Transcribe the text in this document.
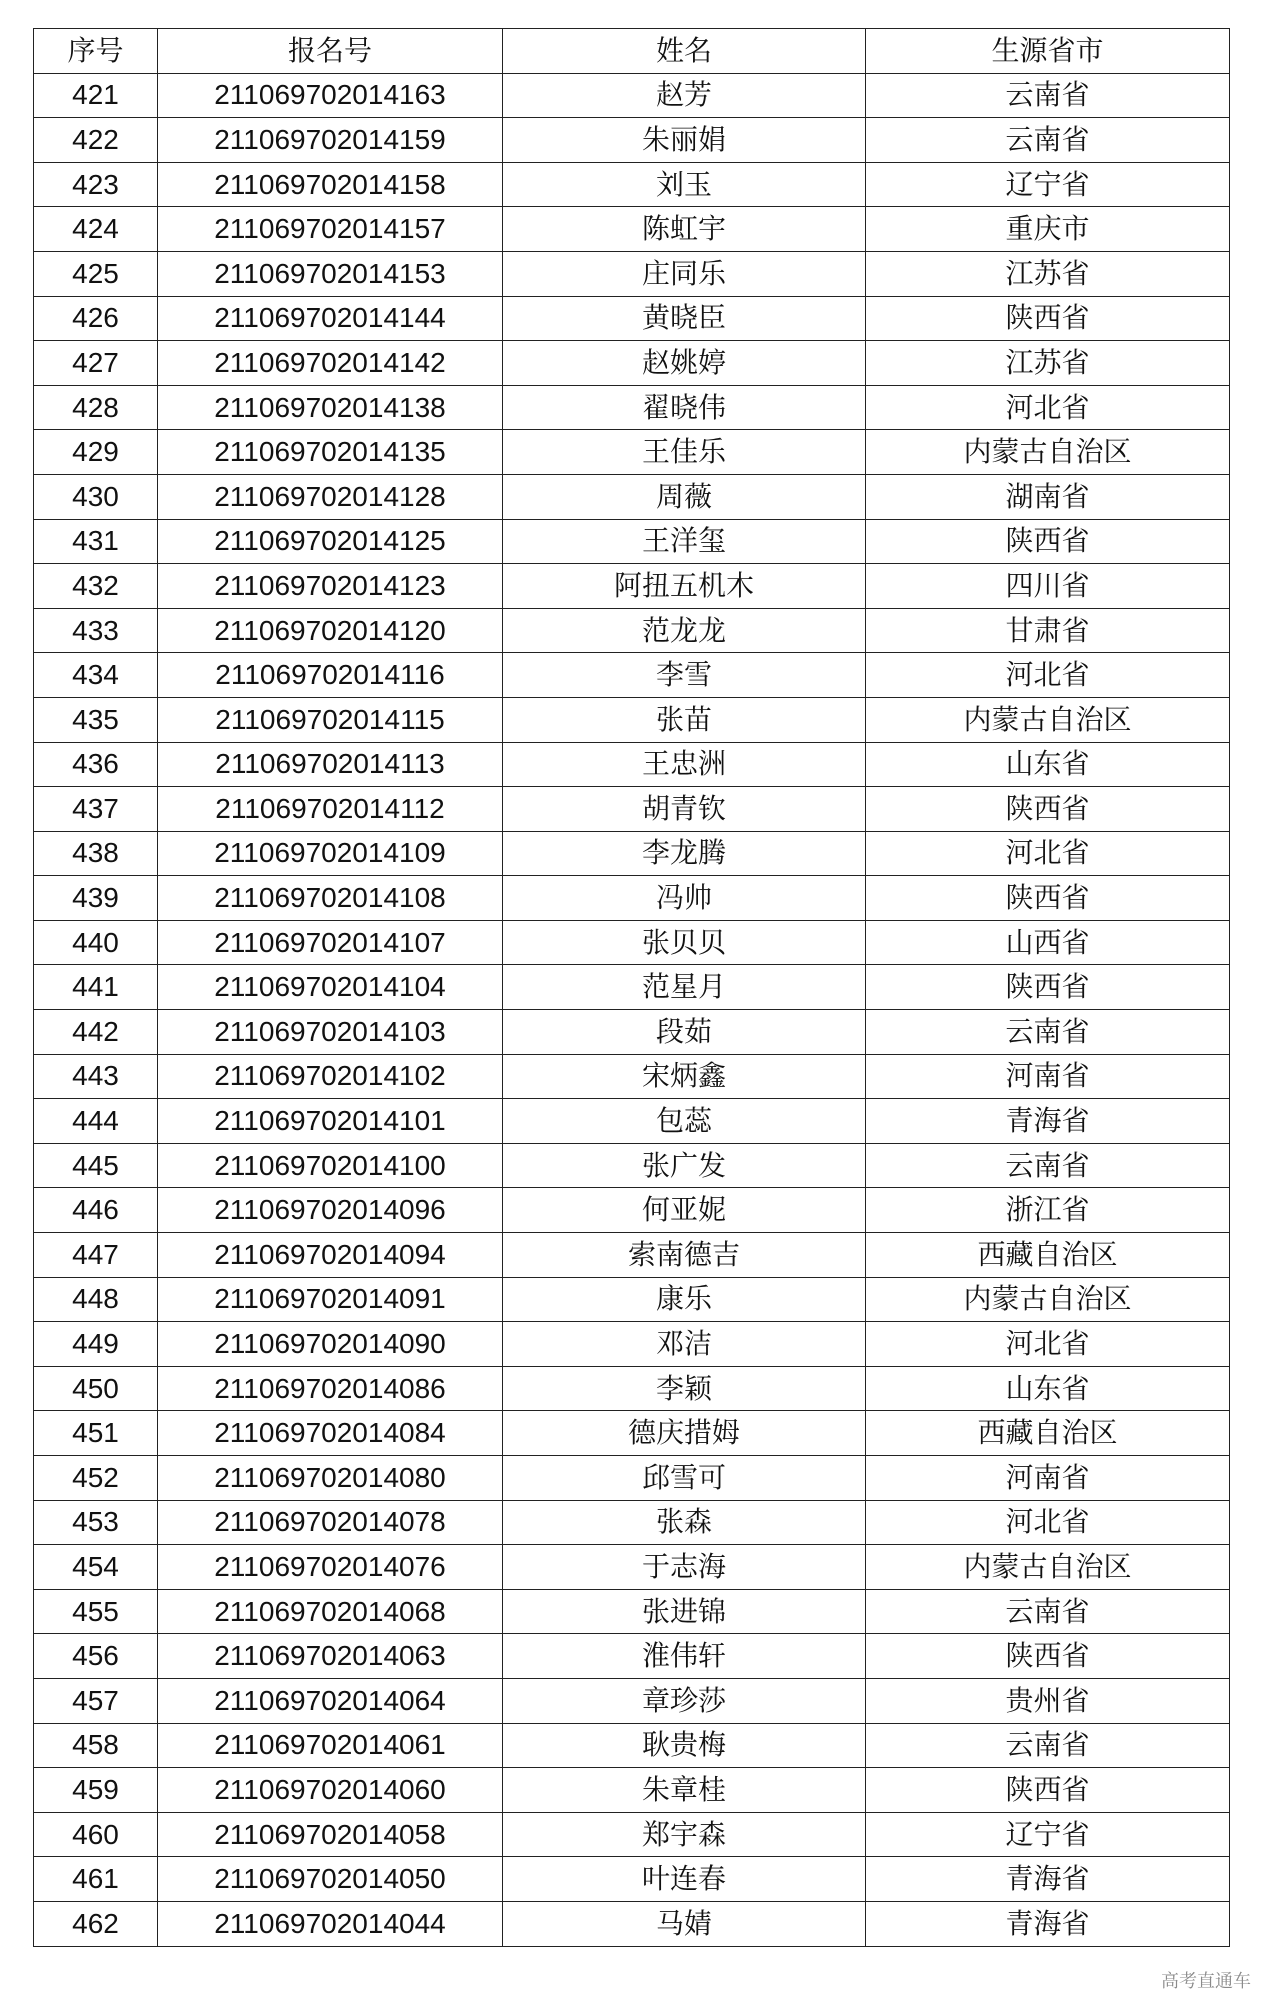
序号	报名号	姓名	生源省市
421	211069702014163	赵芳	云南省
422	211069702014159	朱丽娟	云南省
423	211069702014158	刘玉	辽宁省
424	211069702014157	陈虹宇	重庆市
425	211069702014153	庄同乐	江苏省
426	211069702014144	黄晓臣	陕西省
427	211069702014142	赵姚婷	江苏省
428	211069702014138	翟晓伟	河北省
429	211069702014135	王佳乐	内蒙古自治区
430	211069702014128	周薇	湖南省
431	211069702014125	王洋玺	陕西省
432	211069702014123	阿扭五机木	四川省
433	211069702014120	范龙龙	甘肃省
434	211069702014116	李雪	河北省
435	211069702014115	张苗	内蒙古自治区
436	211069702014113	王忠洲	山东省
437	211069702014112	胡青钦	陕西省
438	211069702014109	李龙腾	河北省
439	211069702014108	冯帅	陕西省
440	211069702014107	张贝贝	山西省
441	211069702014104	范星月	陕西省
442	211069702014103	段茹	云南省
443	211069702014102	宋炳鑫	河南省
444	211069702014101	包蕊	青海省
445	211069702014100	张广发	云南省
446	211069702014096	何亚妮	浙江省
447	211069702014094	索南德吉	西藏自治区
448	211069702014091	康乐	内蒙古自治区
449	211069702014090	邓洁	河北省
450	211069702014086	李颖	山东省
451	211069702014084	德庆措姆	西藏自治区
452	211069702014080	邱雪可	河南省
453	211069702014078	张森	河北省
454	211069702014076	于志海	内蒙古自治区
455	211069702014068	张进锦	云南省
456	211069702014063	淮伟轩	陕西省
457	211069702014064	章珍莎	贵州省
458	211069702014061	耿贵梅	云南省
459	211069702014060	朱章桂	陕西省
460	211069702014058	郑宇森	辽宁省
461	211069702014050	叶连春	青海省
462	211069702014044	马婧	青海省
高考直通车
